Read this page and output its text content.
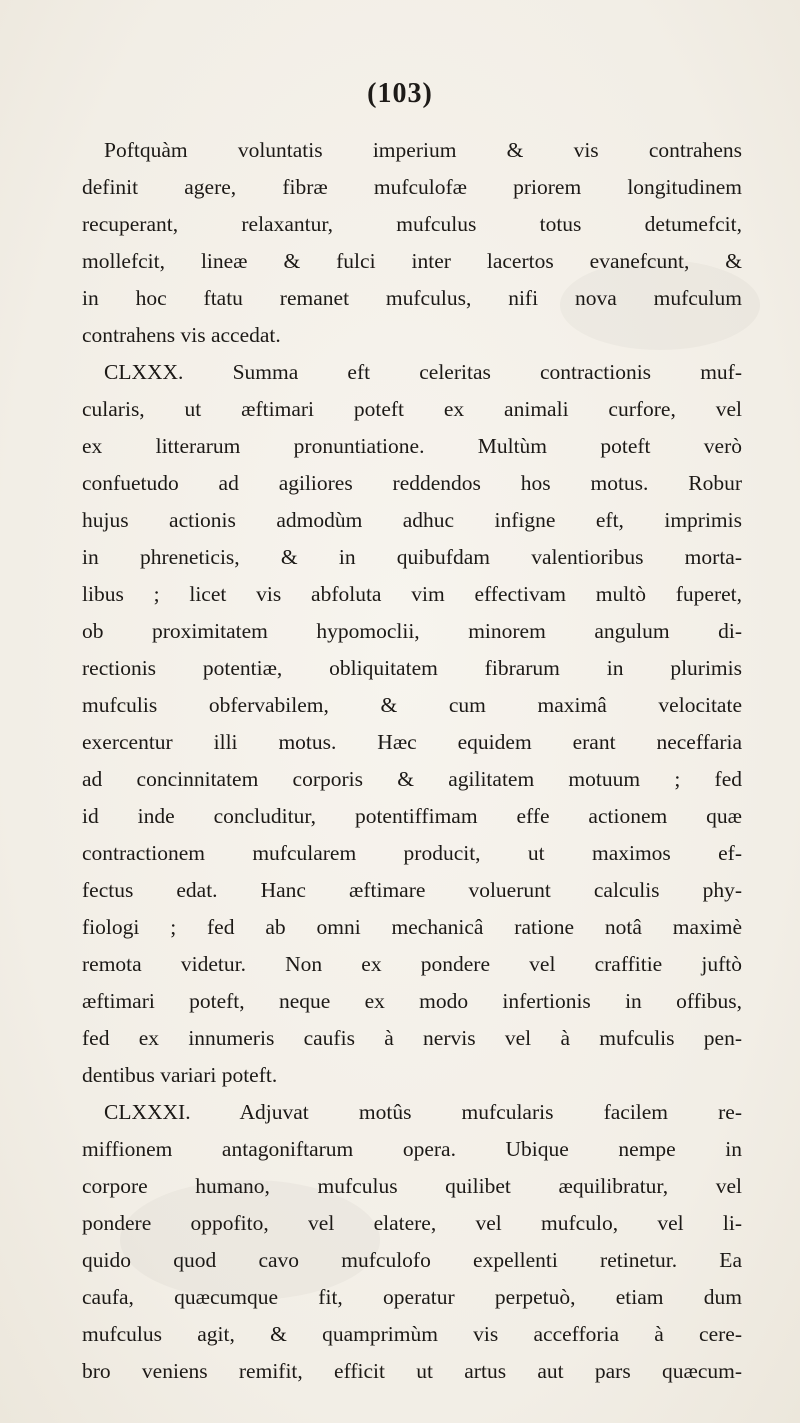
(103)
Poftquàm voluntatis imperium & vis contrahens
definit agere, fibræ mufculofæ priorem longitudinem
recuperant, relaxantur, mufculus totus detumefcit,
mollefcit, lineæ & fulci inter lacertos evanefcunt, &
in hoc ftatu remanet mufculus, nifi nova mufculum
contrahens vis accedat.
CLXXX. Summa eft celeritas contractionis muf-
cularis, ut æftimari poteft ex animali curfore, vel
ex litterarum pronuntiatione. Multùm poteft verò
confuetudo ad agiliores reddendos hos motus. Robur
hujus actionis admodùm adhuc infigne eft, imprimis
in phreneticis, & in quibufdam valentioribus morta-
libus ; licet vis abfoluta vim effectivam multò fuperet,
ob proximitatem hypomoclii, minorem angulum di-
rectionis potentiæ, obliquitatem fibrarum in plurimis
mufculis obfervabilem, & cum maximâ velocitate
exercentur illi motus. Hæc equidem erant neceffaria
ad concinnitatem corporis & agilitatem motuum ; fed
id inde concluditur, potentiffimam effe actionem quæ
contractionem mufcularem producit, ut maximos ef-
fectus edat. Hanc æftimare voluerunt calculis phy-
fiologi ; fed ab omni mechanicâ ratione notâ maximè
remota videtur. Non ex pondere vel craffitie juftò
æftimari poteft, neque ex modo infertionis in offibus,
fed ex innumeris caufis à nervis vel à mufculis pen-
dentibus variari poteft.
CLXXXI. Adjuvat motûs mufcularis facilem re-
miffionem antagoniftarum opera. Ubique nempe in
corpore humano, mufculus quilibet æquilibratur, vel
pondere oppofito, vel elatere, vel mufculo, vel li-
quido quod cavo mufculofo expellenti retinetur. Ea
caufa, quæcumque fit, operatur perpetuò, etiam dum
mufculus agit, & quamprimùm vis accefforia à cere-
bro veniens remifit, efficit ut artus aut pars quæcum-
